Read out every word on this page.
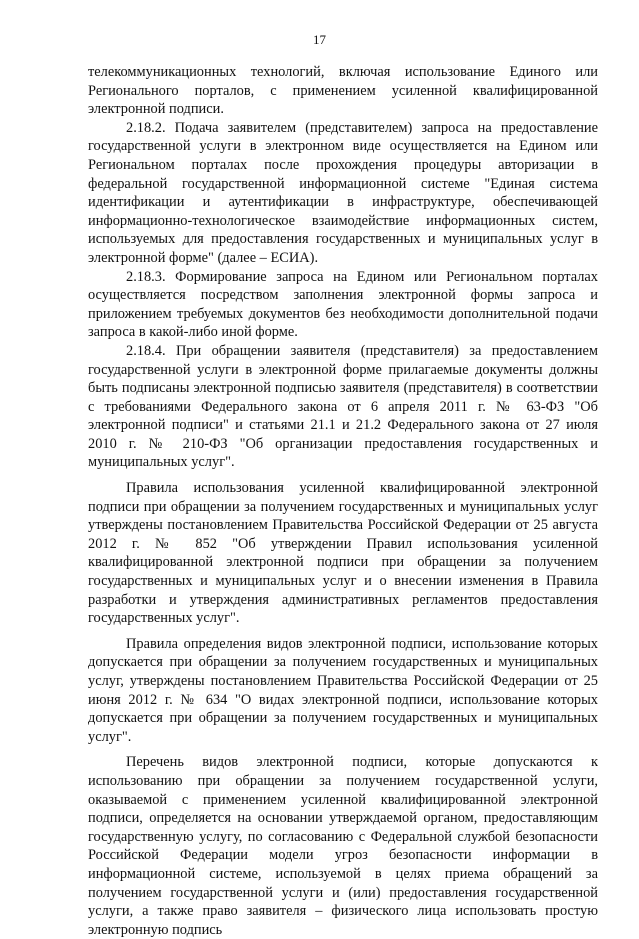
17

телекоммуникационных технологий, включая использование Единого или Регионального порталов, с применением усиленной квалифицированной электронной подписи.

2.18.2. Подача заявителем (представителем) запроса на предоставление государственной услуги в электронном виде осуществляется на Едином или Региональном порталах после прохождения процедуры авторизации в федеральной государственной информационной системе "Единая система идентификации и аутентификации в инфраструктуре, обеспечивающей информационно-технологическое взаимодействие информационных систем, используемых для предоставления государственных и муниципальных услуг в электронной форме" (далее – ЕСИА).

2.18.3. Формирование запроса на Едином или Региональном порталах осуществляется посредством заполнения электронной формы запроса и приложением требуемых документов без необходимости дополнительной подачи запроса в какой-либо иной форме.

2.18.4. При обращении заявителя (представителя) за предоставлением государственной услуги в электронной форме прилагаемые документы должны быть подписаны электронной подписью заявителя (представителя) в соответствии с требованиями Федерального закона от 6 апреля 2011 г. № 63-ФЗ "Об электронной подписи" и статьями 21.1 и 21.2 Федерального закона от 27 июля 2010 г. № 210-ФЗ "Об организации предоставления государственных и муниципальных услуг".

Правила использования усиленной квалифицированной электронной подписи при обращении за получением государственных и муниципальных услуг утверждены постановлением Правительства Российской Федерации от 25 августа 2012 г. № 852 "Об утверждении Правил использования усиленной квалифицированной электронной подписи при обращении за получением государственных и муниципальных услуг и о внесении изменения в Правила разработки и утверждения административных регламентов предоставления государственных услуг".

Правила определения видов электронной подписи, использование которых допускается при обращении за получением государственных и муниципальных услуг, утверждены постановлением Правительства Российской Федерации от 25 июня 2012 г. № 634 "О видах электронной подписи, использование которых допускается при обращении за получением государственных и муниципальных услуг".

Перечень видов электронной подписи, которые допускаются к использованию при обращении за получением государственной услуги, оказываемой с применением усиленной квалифицированной электронной подписи, определяется на основании утверждаемой органом, предоставляющим государственную услугу, по согласованию с Федеральной службой безопасности Российской Федерации модели угроз безопасности информации в информационной системе, используемой в целях приема обращений за получением государственной услуги и (или) предоставления государственной услуги, а также право заявителя – физического лица использовать простую электронную подпись
